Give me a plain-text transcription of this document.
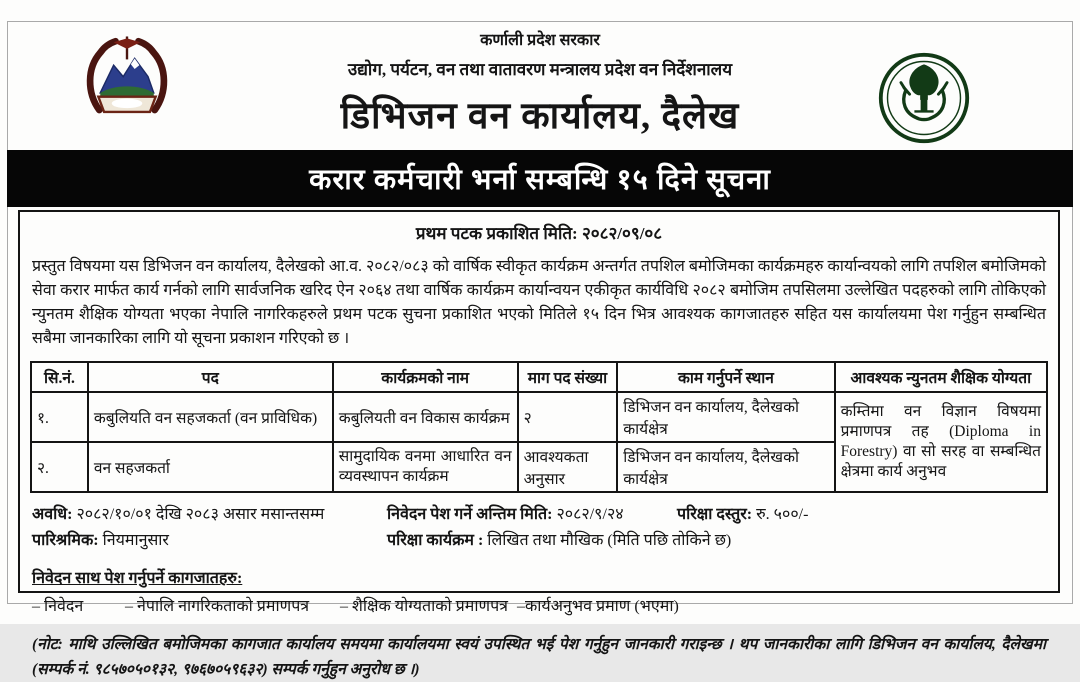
कर्णाली प्रदेश सरकार
उद्योग, पर्यटन, वन तथा वातावरण मन्त्रालय प्रदेश वन निर्देशनालय
डिभिजन वन कार्यालय, दैलेख
करार कर्मचारी भर्ना सम्बन्धि १५ दिने सूचना
प्रथम पटक प्रकाशित मिति: २०८२/०९/०८

प्रस्तुत विषयमा यस डिभिजन वन कार्यालय, दैलेखको आ.व. २०८२/०८३ को वार्षिक स्वीकृत कार्यक्रम अन्तर्गत तपशिल बमोजिमका कार्यक्रमहरु कार्यान्वयको लागि तपशिल बमोजिमको सेवा करार मार्फत कार्य गर्नको लागि सार्वजनिक खरिद ऐन २०६४ तथा वार्षिक कार्यक्रम कार्यान्वयन एकीकृत कार्यविधि २०८२ बमोजिम तपसिलमा उल्लेखित पदहरुको लागि तोकिएको न्युनतम शैक्षिक योग्यता भएका नेपालि नागरिकहरुले प्रथम पटक सुचना प्रकाशित भएको मितिले १५ दिन भित्र आवश्यक कागजातहरु सहित यस कार्यालयमा पेश गर्नुहुन सम्बन्धित सबैमा जानकारिका लागि यो सूचना प्रकाशन गरिएको छ ।

सि.नं.	पद	कार्यक्रमको नाम	माग पद संख्या	काम गर्नुपर्ने स्थान	आवश्यक न्युनतम शैक्षिक योग्यता
१.	कबुलियति वन सहजकर्ता (वन प्राविधिक)	कबुलियती वन विकास कार्यक्रम	२	डिभिजन वन कार्यालय, दैलेखको कार्यक्षेत्र	कम्तिमा वन विज्ञान विषयमा प्रमाणपत्र तह (Diploma in Forestry) वा सो सरह वा सम्बन्धित क्षेत्रमा कार्य अनुभव
२.	वन सहजकर्ता	सामुदायिक वनमा आधारित वन व्यवस्थापन कार्यक्रम	आवश्यकता अनुसार	डिभिजन वन कार्यालय, दैलेखको कार्यक्षेत्र	
अवधि: २०८२/१०/०१ देखि २०८३ असार मसान्तसम्म	निवेदन पेश गर्ने अन्तिम मिति: २०८२/९/२४	परिक्षा दस्तुर: रु. ५००/-
पारिश्रमिक: नियमानुसार	परिक्षा कार्यक्रम : लिखित तथा मौखिक (मिति पछि तोकिने छ)
निवेदन साथ पेश गर्नुपर्ने कागजातहरु:
– निवेदन	– नेपालि नागरिकताको प्रमाणपत्र	– शैक्षिक योग्यताको प्रमाणपत्र –कार्यअनुभव प्रमाण (भएमा)

(नोट: माथि उल्लिखित बमोजिमका कागजात कार्यालय समयमा कार्यालयमा स्वयं उपस्थित भई पेश गर्नुहुन जानकारी गराइन्छ । थप जानकारीका लागि डिभिजन वन कार्यालय, दैलेखमा (सम्पर्क नं. ९८५७०५०१३२, ९७६७०५९६३२) सम्पर्क गर्नुहुन अनुरोध छ ।)
